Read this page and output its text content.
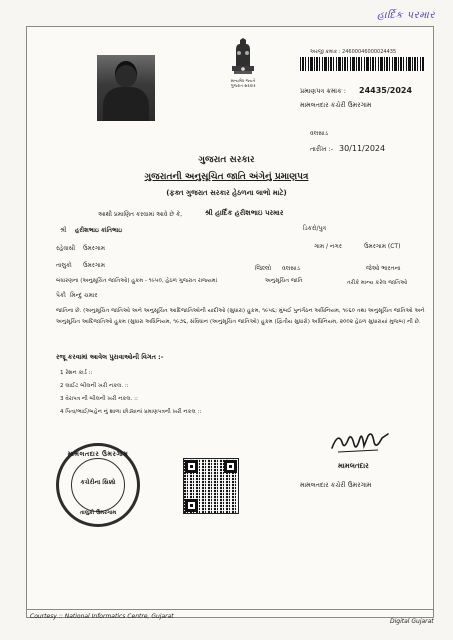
હાર્દિક પરમાર
સત્યમેવ જયતે
ગુજરાત સરકાર
અરજી ક્રમાંક : 24600046000024435
પ્રમાણપત્ર ક્રમાંક : 24435/2024
મામલતદાર કચેરી ઉમરગામ
વલસાડ
તારીખ :- 30/11/2024
ગુજરાત સરકાર
ગુજરાતની અનુસૂચિત જાતિ અંગેનું પ્રમાણપત્ર
(ફક્ત ગુજરાત સરકાર હેઠળના લાભો માટે)
આથી પ્રમાણિત કરવામાં આવે છે કે,	શ્રી હાર્દિક હરીશભાઇ પરમાર
શ્રી હરીશભાઇ કાંતિભાઇ	ડિકરો/પુત્ર
રહેવાસી ઉમરગામ	ગામ / નગર	ઉમરગામ (CT)
તાલુકો ઉમરગામ	જિલ્લો વલસાડ	જેઓ ભારતના
બંધારણના (અનુસૂચિત જાતિઓ) હુકમ - ૧૯૫૦, હેઠળ ગુજરાત રાજ્યમાં	અનુસૂચિત જાતિ	તરીકે માન્ય કરેલ જાતિઓ
પૈકી મિન્દુ ચમાર
જાતિના છે. (અનુસૂચિત જાતિઓ અને અનુસૂચિત આદિજાતિઓની યાદીઓ (સુધારા) હુકમ, ૧૯૫૬; મુંબઈ પુનર્ગઠન અધિનિયમ, ૧૯૬૦ તથા અનુસૂચિત જાતિઓ અને અનુસૂચિત આદિજાતિઓ હુકમ (સુધારા અધિનિયમ, ૧૯૭૬, સંવિધાન (અનુસૂચિત જાતિઓ) હુકમ (દ્વિતીય સુધારો) અધિનિયમ, ૨૦૦૨ હેઠળ સુધારાયાં મુજબ) ની છે.
રજૂ કરવામાં આવેલ પુરાવાઓની વિગત :-
1 રેશન કાર્ડ ::
2 લાઈટ બીલની ખરી નકલ. ::
3 વેરાપત્ર ની બીલની ખરી નકલ. ::
4 પિતા/ભાઈ/બહેન નું શાળા છોડ્યાનાં પ્રમાણપત્રની ખરી નકલ ::
મામલતદાર ઉમરગામ
કચેરીના સિક્કો
તાલુકો ઉમરગામ
મામલતદાર
મામલતદાર કચેરી ઉમરગામ
Courtesy :: National Informatics Centre, Gujarat
Digital Gujarat
